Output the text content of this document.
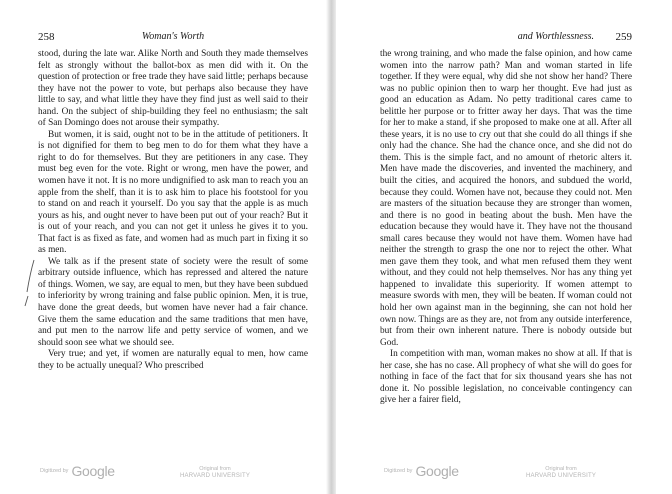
258	Woman's Worth

stood, during the late war. Alike North and South they made themselves felt as strongly without the ballot-box as men did with it. On the question of protection or free trade they have said little; perhaps because they have not the power to vote, but perhaps also because they have little to say, and what little they have they find just as well said to their hand. On the subject of ship-building they feel no enthusiasm; the salt of San Domingo does not arouse their sympathy.

But women, it is said, ought not to be in the attitude of petitioners. It is not dignified for them to beg men to do for them what they have a right to do for themselves. But they are petitioners in any case. They must beg even for the vote. Right or wrong, men have the power, and women have it not. It is no more undignified to ask man to reach you an apple from the shelf, than it is to ask him to place his footstool for you to stand on and reach it yourself. Do you say that the apple is as much yours as his, and ought never to have been put out of your reach? But it is out of your reach, and you can not get it unless he gives it to you. That fact is as fixed as fate, and women had as much part in fixing it so as men.

We talk as if the present state of society were the result of some arbitrary outside influence, which has repressed and altered the nature of things. Women, we say, are equal to men, but they have been subdued to inferiority by wrong training and false public opinion. Men, it is true, have done the great deeds, but women have never had a fair chance. Give them the same education and the same traditions that men have, and put men to the narrow life and petty service of women, and we should soon see what we should see.

Very true; and yet, if women are naturally equal to men, how came they to be actually unequal? Who prescribed

Digitized by Google	Original from
HARVARD UNIVERSITY
and Worthlessness.	259

the wrong training, and who made the false opinion, and how came women into the narrow path? Man and woman started in life together. If they were equal, why did she not show her hand? There was no public opinion then to warp her thought. Eve had just as good an education as Adam. No petty traditional cares came to belittle her purpose or to fritter away her days. That was the time for her to make a stand, if she proposed to make one at all. After all these years, it is no use to cry out that she could do all things if she only had the chance. She had the chance once, and she did not do them. This is the simple fact, and no amount of rhetoric alters it. Men have made the discoveries, and invented the machinery, and built the cities, and acquired the honors, and subdued the world, because they could. Women have not, because they could not. Men are masters of the situation because they are stronger than women, and there is no good in beating about the bush. Men have the education because they would have it. They have not the thousand small cares because they would not have them. Women have had neither the strength to grasp the one nor to reject the other. What men gave them they took, and what men refused them they went without, and they could not help themselves. Nor has any thing yet happened to invalidate this superiority. If women attempt to measure swords with men, they will be beaten. If woman could not hold her own against man in the beginning, she can not hold her own now. Things are as they are, not from any outside interference, but from their own inherent nature. There is nobody outside but God.

In competition with man, woman makes no show at all. If that is her case, she has no case. All prophecy of what she will do goes for nothing in face of the fact that for six thousand years she has not done it. No possible legislation, no conceivable contingency can give her a fairer field,

Digitized by Google	Original from
HARVARD UNIVERSITY
